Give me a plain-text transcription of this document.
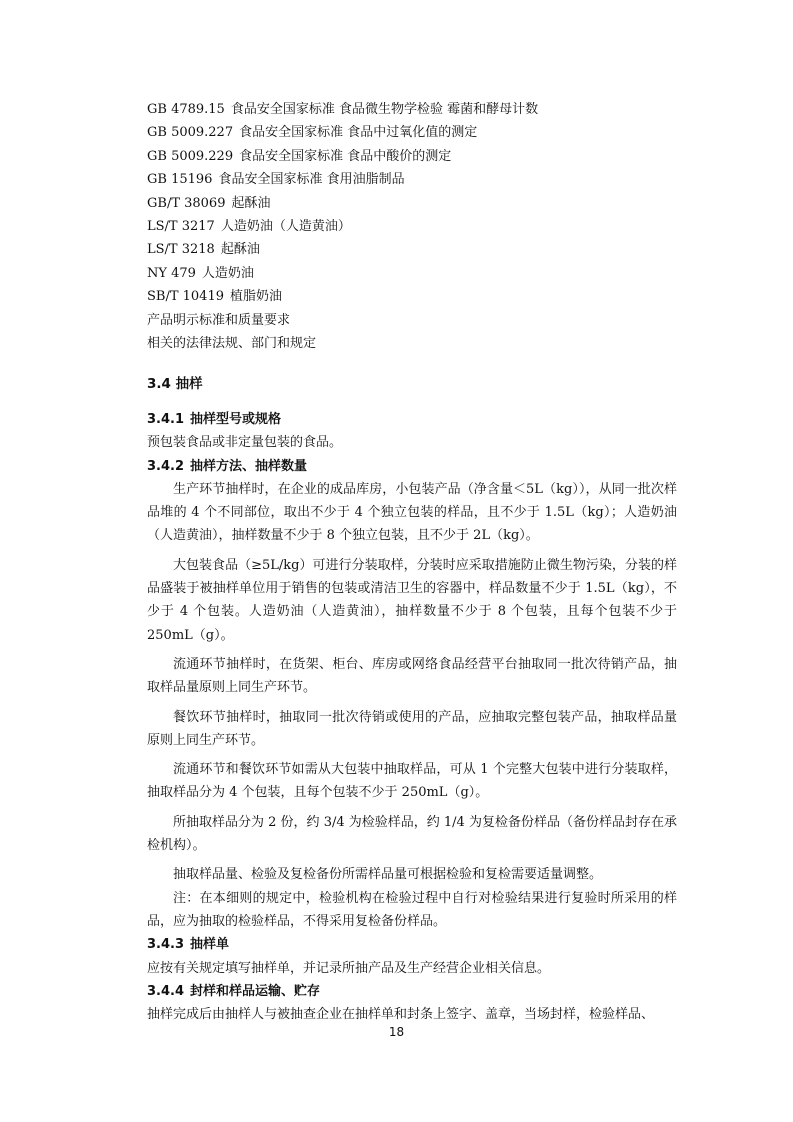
GB 4789.15 食品安全国家标准 食品微生物学检验 霉菌和酵母计数
GB 5009.227 食品安全国家标准 食品中过氧化值的测定
GB 5009.229 食品安全国家标准 食品中酸价的测定
GB 15196 食品安全国家标准 食用油脂制品
GB/T 38069 起酥油
LS/T 3217 人造奶油（人造黄油）
LS/T 3218 起酥油
NY 479 人造奶油
SB/T 10419 植脂奶油
产品明示标准和质量要求
相关的法律法规、部门和规定
3.4 抽样
3.4.1 抽样型号或规格

预包装食品或非定量包装的食品。

3.4.2 抽样方法、抽样数量

生产环节抽样时，在企业的成品库房，小包装产品（净含量＜5L（kg）），从同一批次样品堆的 4 个不同部位，取出不少于 4 个独立包装的样品，且不少于 1.5L（kg）；人造奶油（人造黄油），抽样数量不少于 8 个独立包装，且不少于 2L（kg）。

大包装食品（≥5L/kg）可进行分装取样，分装时应采取措施防止微生物污染，分装的样品盛装于被抽样单位用于销售的包装或清洁卫生的容器中，样品数量不少于 1.5L（kg），不少于 4 个包装。人造奶油（人造黄油），抽样数量不少于 8 个包装，且每个包装不少于 250mL（g）。

流通环节抽样时，在货架、柜台、库房或网络食品经营平台抽取同一批次待销产品，抽取样品量原则上同生产环节。

餐饮环节抽样时，抽取同一批次待销或使用的产品，应抽取完整包装产品，抽取样品量原则上同生产环节。

流通环节和餐饮环节如需从大包装中抽取样品，可从 1 个完整大包装中进行分装取样，抽取样品分为 4 个包装，且每个包装不少于 250mL（g）。

所抽取样品分为 2 份，约 3/4 为检验样品，约 1/4 为复检备份样品（备份样品封存在承检机构）。

抽取样品量、检验及复检备份所需样品量可根据检验和复检需要适量调整。

注：在本细则的规定中，检验机构在检验过程中自行对检验结果进行复验时所采用的样品，应为抽取的检验样品，不得采用复检备份样品。

3.4.3 抽样单

应按有关规定填写抽样单，并记录所抽产品及生产经营企业相关信息。

3.4.4 封样和样品运输、贮存

抽样完成后由抽样人与被抽查企业在抽样单和封条上签字、盖章，当场封样，检验样品、

18
